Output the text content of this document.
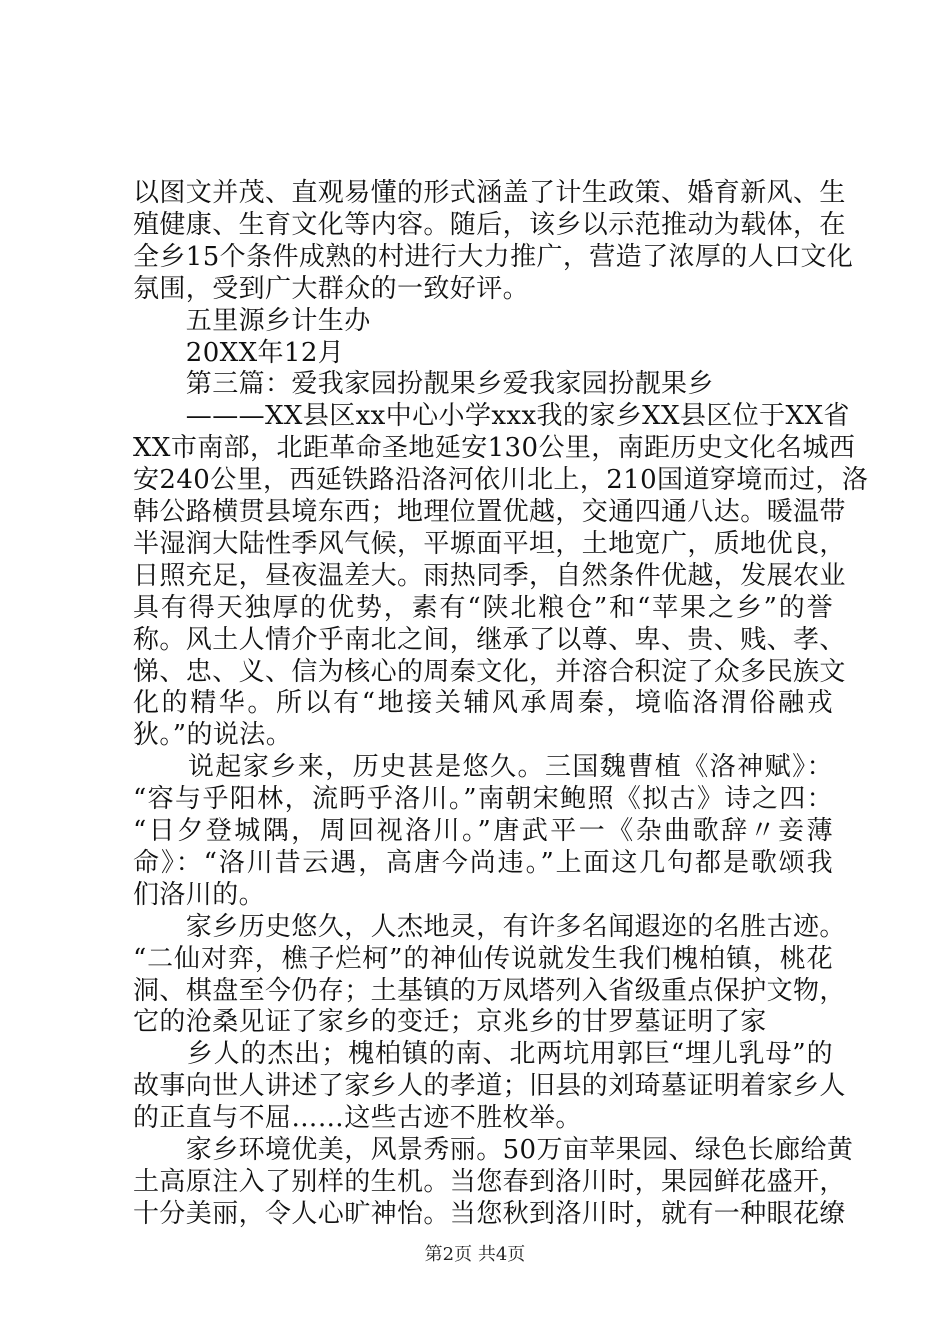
以图文并茂、直观易懂的形式涵盖了计生政策、婚育新风、生
殖健康、生育文化等内容。随后，该乡以示范推动为载体，在
全乡15个条件成熟的村进行大力推广，营造了浓厚的人口文化
氛围，受到广大群众的一致好评。
　　五里源乡计生办
　　20XX年12月
　　第三篇：爱我家园扮靓果乡爱我家园扮靓果乡
　　———XX县区xx中心小学xxx我的家乡XX县区位于XX省
XX市南部，北距革命圣地延安130公里，南距历史文化名城西
安240公里，西延铁路沿洛河依川北上，210国道穿境而过，洛
韩公路横贯县境东西；地理位置优越，交通四通八达。暖温带
半湿润大陆性季风气候，平塬面平坦，土地宽广，质地优良，
日照充足，昼夜温差大。雨热同季，自然条件优越，发展农业
具有得天独厚的优势，素有“陕北粮仓”和“苹果之乡”的誉
称。风土人情介乎南北之间，继承了以尊、卑、贵、贱、孝、
悌、忠、义、信为核心的周秦文化，并溶合积淀了众多民族文
化的精华。所以有“地接关辅风承周秦，境临洛渭俗融戎
狄。”的说法。
　　说起家乡来，历史甚是悠久。三国魏曹植《洛神赋》：
“容与乎阳林，流眄乎洛川。”南朝宋鲍照《拟古》诗之四：
“日夕登城隅，周回视洛川。”唐武平一《杂曲歌辞〃妾薄
命》：“洛川昔云遇，高唐今尚违。”上面这几句都是歌颂我
们洛川的。
　　家乡历史悠久，人杰地灵，有许多名闻遐迩的名胜古迹。
“二仙对弈，樵子烂柯”的神仙传说就发生我们槐柏镇，桃花
洞、棋盘至今仍存；土基镇的万凤塔列入省级重点保护文物，
它的沧桑见证了家乡的变迁；京兆乡的甘罗墓证明了家
　　乡人的杰出；槐柏镇的南、北两坑用郭巨“埋儿乳母”的
故事向世人讲述了家乡人的孝道；旧县的刘琦墓证明着家乡人
的正直与不屈……这些古迹不胜枚举。
　　家乡环境优美，风景秀丽。50万亩苹果园、绿色长廊给黄
土高原注入了别样的生机。当您春到洛川时，果园鲜花盛开，
十分美丽，令人心旷神怡。当您秋到洛川时，就有一种眼花缭
第2页 共4页
